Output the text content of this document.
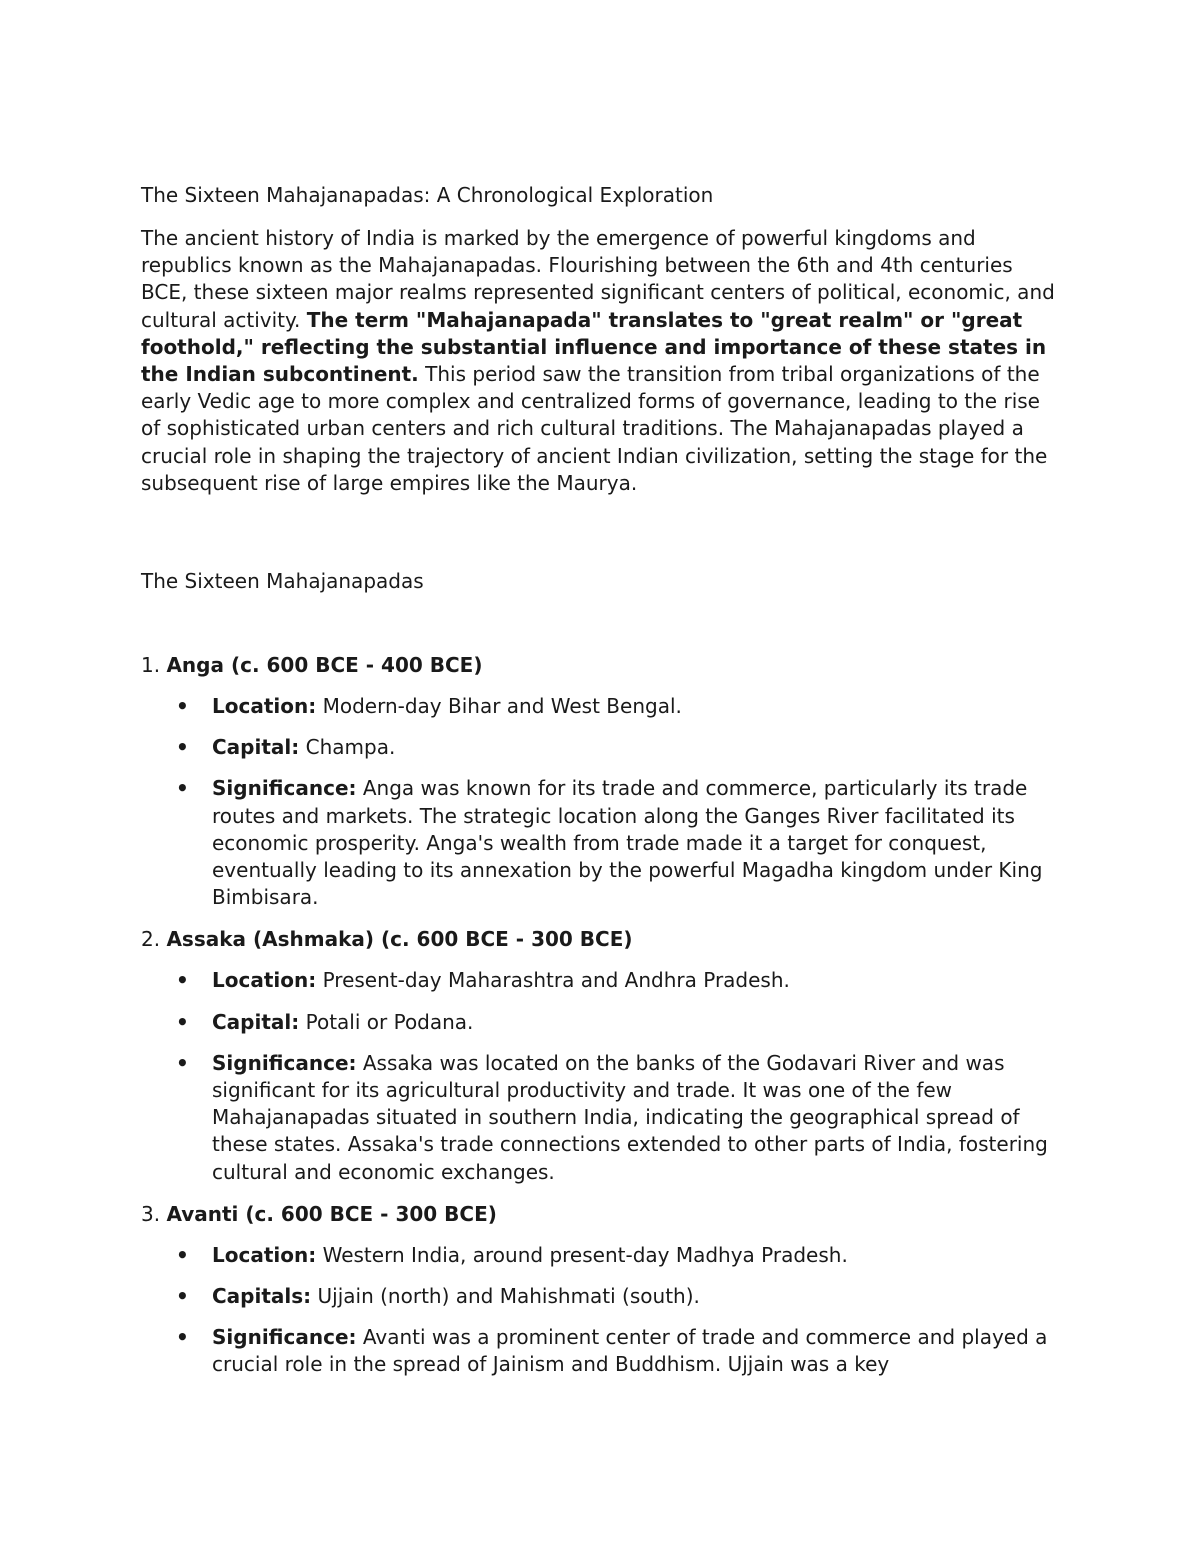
The Sixteen Mahajanapadas: A Chronological Exploration

The ancient history of India is marked by the emergence of powerful kingdoms and republics known as the Mahajanapadas. Flourishing between the 6th and 4th centuries BCE, these sixteen major realms represented significant centers of political, economic, and cultural activity. The term "Mahajanapada" translates to "great realm" or "great foothold," reflecting the substantial influence and importance of these states in the Indian subcontinent. This period saw the transition from tribal organizations of the early Vedic age to more complex and centralized forms of governance, leading to the rise of sophisticated urban centers and rich cultural traditions. The Mahajanapadas played a crucial role in shaping the trajectory of ancient Indian civilization, setting the stage for the subsequent rise of large empires like the Maurya.

The Sixteen Mahajanapadas

1. Anga (c. 600 BCE - 400 BCE)

• Location: Modern-day Bihar and West Bengal.
• Capital: Champa.
• Significance: Anga was known for its trade and commerce, particularly its trade routes and markets. The strategic location along the Ganges River facilitated its economic prosperity. Anga's wealth from trade made it a target for conquest, eventually leading to its annexation by the powerful Magadha kingdom under King Bimbisara.

2. Assaka (Ashmaka) (c. 600 BCE - 300 BCE)

• Location: Present-day Maharashtra and Andhra Pradesh.
• Capital: Potali or Podana.
• Significance: Assaka was located on the banks of the Godavari River and was significant for its agricultural productivity and trade. It was one of the few Mahajanapadas situated in southern India, indicating the geographical spread of these states. Assaka's trade connections extended to other parts of India, fostering cultural and economic exchanges.

3. Avanti (c. 600 BCE - 300 BCE)

• Location: Western India, around present-day Madhya Pradesh.
• Capitals: Ujjain (north) and Mahishmati (south).
• Significance: Avanti was a prominent center of trade and commerce and played a crucial role in the spread of Jainism and Buddhism. Ujjain was a key
